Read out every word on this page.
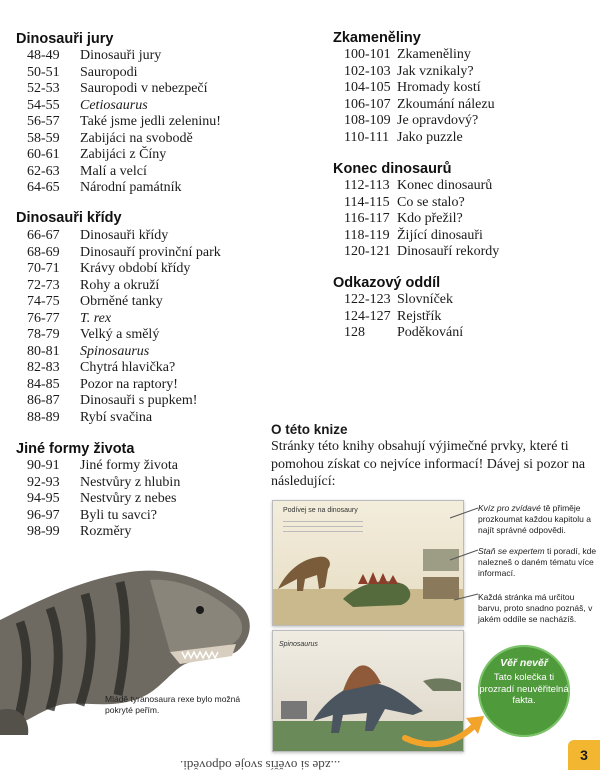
Dinosauři jury
48-49	Dinosauři jury
50-51	Sauropodi
52-53	Sauropodi v nebezpečí
54-55	Cetiosaurus
56-57	Také jsme jedli zeleninu!
58-59	Zabijáci na svobodě
60-61	Zabijáci z Číny
62-63	Malí a velcí
64-65	Národní památník
Dinosauři křídy
66-67	Dinosauři křídy
68-69	Dinosauří provinční park
70-71	Krávy období křídy
72-73	Rohy a okruží
74-75	Obrněné tanky
76-77	T. rex
78-79	Velký a smělý
80-81	Spinosaurus
82-83	Chytrá hlavička?
84-85	Pozor na raptory!
86-87	Dinosauři s pupkem!
88-89	Rybí svačina
Jiné formy života
90-91	Jiné formy života
92-93	Nestvůry z hlubin
94-95	Nestvůry z nebes
96-97	Byli tu savci?
98-99	Rozměry
Zkameněliny
100-101 Zkameněliny
102-103 Jak vznikaly?
104-105 Hromady kostí
106-107 Zkoumání nálezu
108-109 Je opravdový?
110-111 Jako puzzle
Konec dinosaurů
112-113 Konec dinosaurů
114-115 Co se stalo?
116-117 Kdo přežil?
118-119 Žijící dinosauři
120-121 Dinosauří rekordy
Odkazový oddíl
122-123 Slovníček
124-127 Rejstřík
128	Poděkování
O této knize
Stránky této knihy obsahují výjimečné prvky, které ti pomohou získat co nejvíce informací! Dávej si pozor na následující:
Mládě tyranosaura rexe bylo možná pokryté peřím.
Podívej se na dinosaury
Spinosaurus
Kvíz pro zvídavé tě přiměje prozkoumat každou kapitolu a najít správné odpovědi.
Staň se expertem ti poradí, kde nalezneš o daném tématu více informací.
Každá stránka má určitou barvu, proto snadno poznáš, v jakém oddíle se nacházíš.
Věř nevěř
Tato kolečka ti prozradí neuvěřitelná fakta.
3
...zde si ověřís svoje odpovědi.
